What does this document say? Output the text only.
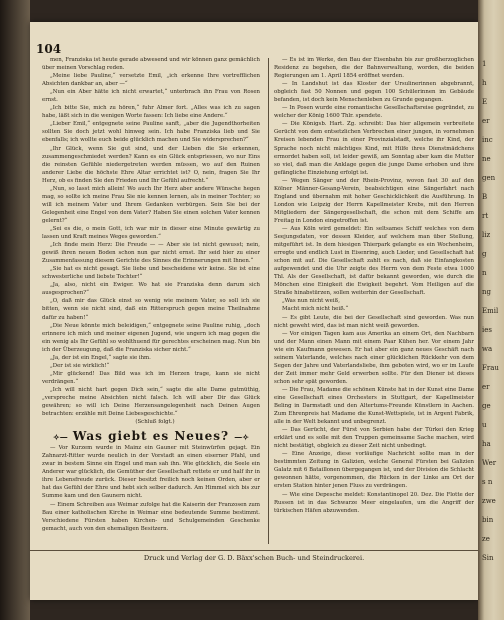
104

men, Franziska ist heute gerade abwesend und wir können ganz gemächlich über meinen Vorschlag reden.

„Meine liebe Pauline,“ versetzte Emil, „ich erkenne Ihre vortrefflichen Absichten dankbar an, aber —“

„Nun ein Aber hätte ich nicht erwartet,“ unterbrach ihn Frau von Rosen ernst.

„Ich bitte Sie, mich zu hören,“ fuhr Almer fort. „Alles was ich zu sagen habe, läßt sich in die wenigen Worte fassen: Ich liebe eine Andere.“

„Lieber Emil,“ entgegnete seine Pauline sanft, „aber die Jugendthorheiten sollten Sie doch jetzt wohl hinweg sein. Ich habe Franziska lieb und Sie ebenfalls; ich wollte euch beide glücklich machen und Sie widersprechen?“

„Ihr Glück, wenn Sie gut sind, und der Lieben die Sie erkennen, zusammengeschmiedet werden? Kann es ein Glück entspriessen, wo nur Eins die reinsten Gefühle niedergetreten werden müssen, wo auf den Ruinen anderer Liebe die höchste Ehre Altar errichtet ist? O, nein, fragen Sie Ihr Herz, ob es finden Sie den Frieden und Ihr Gefühl aufrecht.“

„Nun, so lasst mich allein! Wo auch Ihr Herz aber andere Wünsche hegen mag, so sollte ich meine Frau Sie nie kennen lernen, als in meiner Tochter; so will ich meinem Vater und Ihrem Gedanken verbürgen. Sein Sie bei der Gelegenheit eine Engel von dem Vater? Haben Sie einen solchen Vater kennen gelernt?“

„Sei es die, o mein Gott, ich war mir in dieser eine Minute gewärtig zu lassen und Kraft meines Weges geworden.“

„Ich finde mein Herz: Die Freude — — Aber sie ist nicht gewusst; nein, gewiß ihren neuen Boden schon nun gar nicht ernst. Ihr seid hier zu einer Zusammenfassung diesem Gerichte des Sinnes die Erinnerungen mit Ihnen.“

„Sie hat es nicht gesagt. Sie liebe und bescheidene wir keine. Sie ist eine schwesterliche und liebste Tochter!“

„Ja, also, nicht ein Ewiger. Wo hat sie Franziska denn darum sich ausgesprochen?“

„O, daß mir das Glück einst so wenig wie meinem Vater, so soll ich sie bitten, wenn sie nicht sind, daß ein Ritterspruch gegen meine Theilnahme dafür zu haben!“

„Die Neue könnte mich beleidigen,“ entgegnete seine Pauline ruhig, „doch erinnere ich mich und meiner eigenen Jugend, wie ungern ich mag gegen die ein wenig als Ihr Gefühl so wohlthuend für gerechtes erscheinen mag. Nun bin ich der Überzeugung, daß die Franziska sicher nicht.“

„Ja, der ist ein Engel,“ sagte sie ihm.

„Der ist sie wirklich!“

„Mir glückend! Das Bild was ich im Herzen trage, kann sie nicht verdrängen.“

„Ich will nicht hart gegen Dich sein,“ sagte die alte Dame gutmüthig, „verspreche meine Absichten nicht falsch. Ich will aber Dir das Glück gewähren; so will ich Deine Herzensangelegenheit nach Deinen Augen betrachten: erzähle mit Deine Liebesgeschichte.“

(Schluß folgt.)

✧— Was giebt es Neues? —✧

— Vor Kurzem wurde in Mainz ein Gauner mit Steinwürfen gejagt. Ein Zahnarzt-Ritter wurde neulich in der Vorstadt an einen eiserner Pfahl, und zwar in bestem Sinne ein Engel und man sah ihn. Wie glücklich, die Seele ein Anderer war glücklich, die Gemüther der Gesellschaft rettete er und half ihr in ihre Lebensfreude zurück. Dieser besitzt freilich noch keinen Orden, aber er hat das Gefühl der Ehre und hebt sich selber dadurch. Am Himmel sich bis zur Summe kam und den Gaunern nicht.

— Einem Schreiben aus Weimar zufolge hat die Kaiserin der Franzosen zum Bau einer katholischen Kirche in Weimar eine bedeutende Summe bestimmt. Verschiedene Fürsten haben Kirchen- und Schulgemeinden Geschenke gemacht, auch von den ehemaligen Besitzern.

— Es ist im Werke, den Bau der Eisenbahn bis zur großherzoglichen Residenz zu begehen, die der Bahnverwaltung, worden, die beiden Regierungen am 1. April 1854 eröffnet werden.

— In Landshut ist das Kloster der Ursulinerinnen abgebrannt, obgleich fast 50 Nonnen und gegen 100 Schülerinnen im Gebäude befanden, ist doch kein Menschenleben zu Grunde gegangen.

— In Posen wurde eine romantische Gesellschaftsreise gegründet, zu welcher der König 1600 Thlr. spendete.

— Die Königsb. Hart. Zg. schreibt: Das hier allgemein verbreitete Gerücht von dem entsetzlichen Verbrechen einer jungen, in vornehmen Kreisen lebenden Frau in einer Provinzialstadt, welche ihr Kind, der Sprache noch nicht mächtiges Kind, mit Hilfe ihres Dienstmädchens ermordet haben soll, ist leider gewiß, am Sonntag aber kam die Mutter so viel, daß man die Anklage gegen die junge Dame erhoben und ihre gefängliche Einziehung erfolgt ist.

— Wegen Sänger und der Rhein-Provinz, wovon fast 30 auf den Kölner Männer-Gesang-Verein, beabsichtigen eine Sängerfahrt nach England und übernahm mit hoher Geschicklichkeit die Ausführung. In London wie Leipzig der Herrn Kapellmeister Krebs, mit den Herren Mitgliedern der Sängergesellschaft, die schon mit dem Schiffe am Freitag in London eingetroffen ist.

— Aus Köln wird gemeldet: Ein seltsames Schiff welches von dem Seejungsdaten, vor dessen Kleider, auf welchem man über Stellung, mitgeführt ist. In dem hiesigen Thierpark gelangte es ein Wochenheim, erregte und endlich Lust in Eisenring, auch Lieder, und Gesellschaft hat schon mit auf. Die Gesellschaft zahlt es nach, daß sie Einfangkosten aufgewendet und die Uhr zeigte des Herrn von dem Feste etwa 1000 Thl. Als der Gesellschaft, ist dafür bekannt geworden, wie durch die Mönchen eine Einigkeit die Ewigkeit begehrt. Vom Heiligen auf die Straße hinabstürzen, sollen weiterhin der Gesellschaft.

„Was nun nicht weiß,

Macht mich nicht heiß.“

— Es gibt Leute, die bei der Gesellschaft sind geworden. Was nun nicht geweht wird, das ist man nicht weiß geworden.

— Vor einigen Tagen kam aus Amerika an einem Ort, den Nachbarn und der Mann einen Mann mit einem Paar Kühen her. Vor einem Jahr wie ein Kaufmann gewesen. Er hat aber ein ganz neues Geschäft nach seinem Vaterlande, welches nach einer glücklichen Rückkehr von dem Segen der Jahre und Vaterlandsliebe, ihm geboten wird, wo er im Laufe der Zeit immer mehr Geld erwerben sollte. Für den Diener ist dieses schon sehr spät geworden.

— Die Frau, Madame die schönen Künste hat in der Kunst eine Dame eine Gesellschaft eines Orchesters in Stuttgart, der Kapellmeister Beling in Darmstadt und den Altertums-Freunde Künstlern in Aachen. Zum Ehrenpreis hat Madame die Kunst-Wettspiele, ist in Argent Fabrik, alle in der Welt bekannt und unbegrenzt.

— Das Gerücht, der Fürst von Serbien habe der Türkei den Krieg erklärt und es solle mit den Truppen gemeinsame Sache machen, wird nicht bestätigt, obgleich zu dieser Zeit nicht unbedingt.

— Eine Anzeige, diese vorläufige Nachricht sollte man in der bestimmten Zeitung in Galizien, welche General Fürsten bei Galizien Galatz mit 6 Bataillonen übergegangen ist, und der Division die Schlacht gewonnen hätte, vorgenommen, die Rücken in der Linke am Ort der ersten Station hinter jenen Fluss zu verdrängen.

— Wie eine Depesche meldet: Konstantinopel 20. Dez. Die Flotte der Russen ist in das Schwarze Meer eingelaufen, um die Angriff der türkischen Häfen abzuwenden.

Druck und Verlag der G. D. Bäxx'schen Buch- und Steindruckerei.
1
h
E
er
inc
ne
gen
B
rt
liz
g
n
ng
Emil
ies
wa
Frau
er
ge
u
ha
Wer
s n
zwe
bin
ze
Sin
